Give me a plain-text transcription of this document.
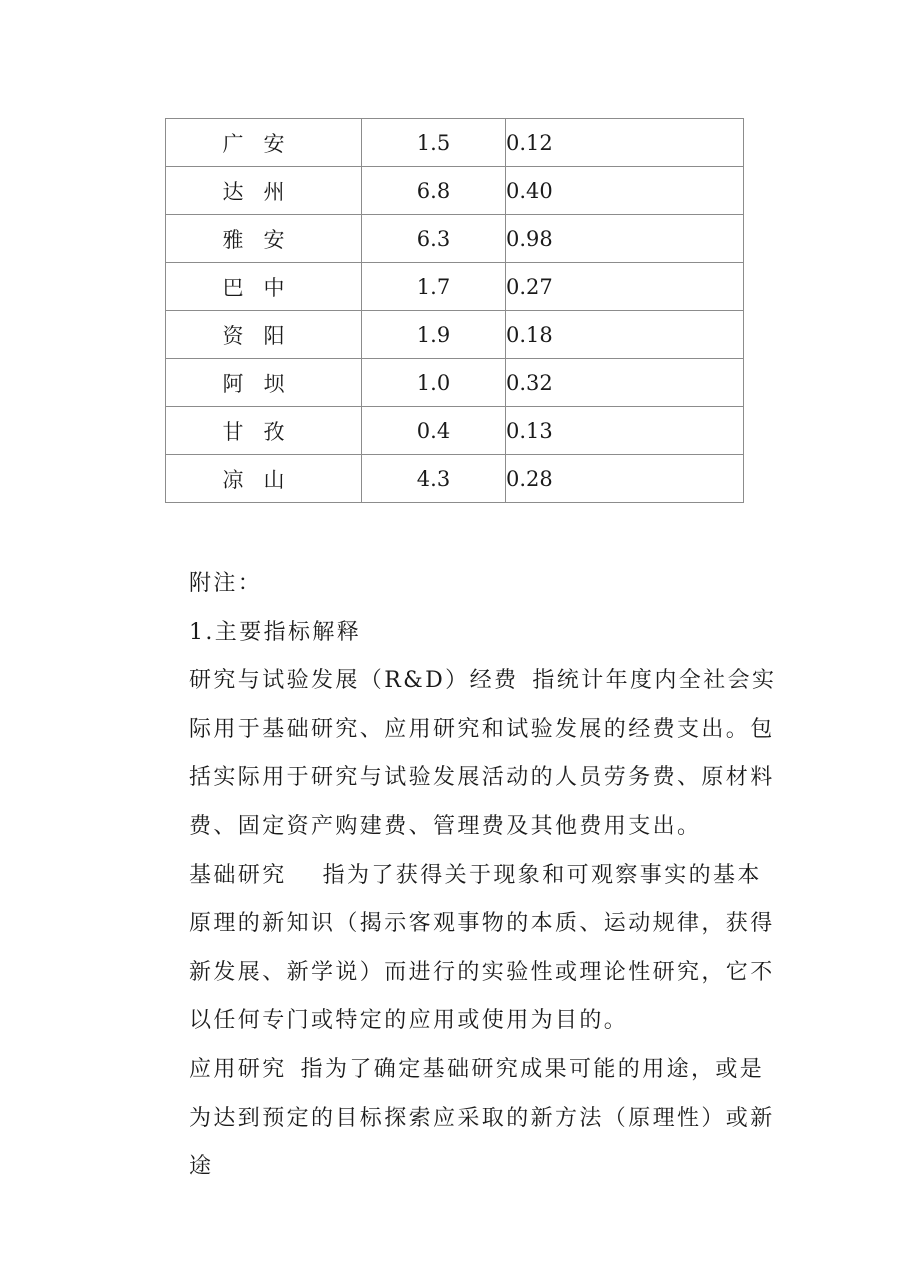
广安	1.5	0.12
达州	6.8	0.40
雅安	6.3	0.98
巴中	1.7	0.27
资阳	1.9	0.18
阿坝	1.0	0.32
甘孜	0.4	0.13
凉山	4.3	0.28

附注：

1.主要指标解释

研究与试验发展（R&D）经费 指统计年度内全社会实际用于基础研究、应用研究和试验发展的经费支出。包括实际用于研究与试验发展活动的人员劳务费、原材料费、固定资产购建费、管理费及其他费用支出。

基础研究 指为了获得关于现象和可观察事实的基本原理的新知识（揭示客观事物的本质、运动规律，获得新发展、新学说）而进行的实验性或理论性研究，它不以任何专门或特定的应用或使用为目的。

应用研究 指为了确定基础研究成果可能的用途，或是为达到预定的目标探索应采取的新方法（原理性）或新途
